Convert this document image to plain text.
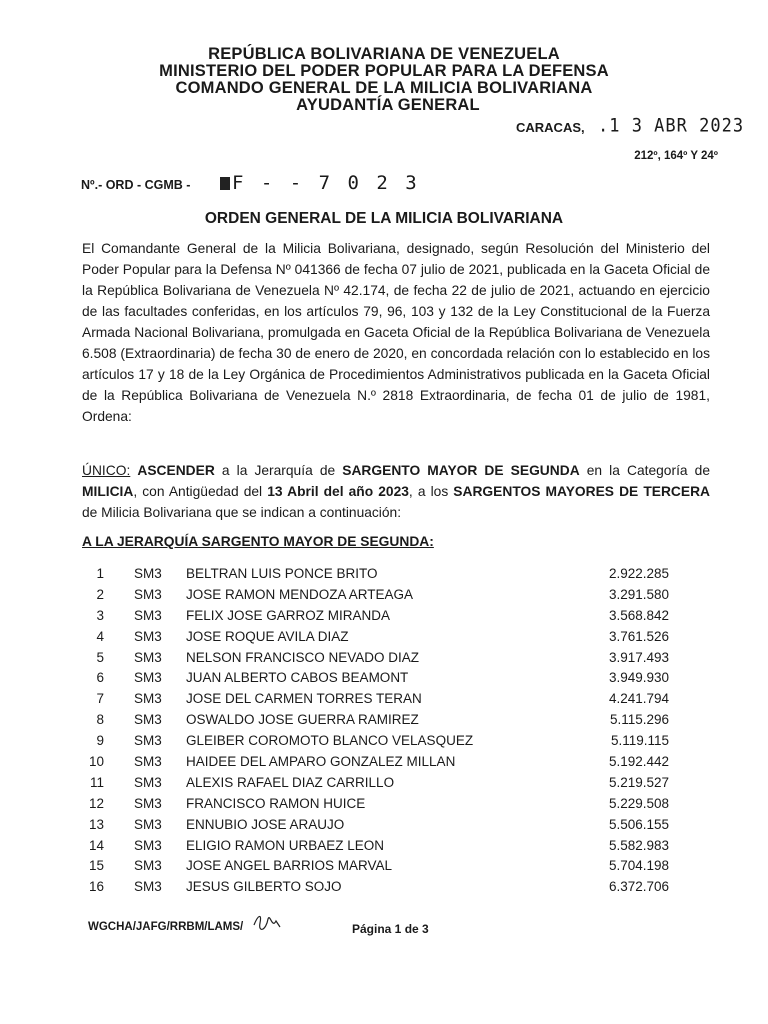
REPÚBLICA BOLIVARIANA DE VENEZUELA
MINISTERIO DEL PODER POPULAR PARA LA DEFENSA
COMANDO GENERAL DE LA MILICIA BOLIVARIANA
AYUDANTÍA GENERAL
CARACAS, .1 3 ABR 2023
212º, 164º Y 24º
Nº.- ORD - CGMB -	F - - 7 0 2 3
ORDEN GENERAL DE LA MILICIA BOLIVARIANA
El Comandante General de la Milicia Bolivariana, designado, según Resolución del Ministerio del Poder Popular para la Defensa Nº 041366 de fecha 07 julio de 2021, publicada en la Gaceta Oficial de la República Bolivariana de Venezuela Nº 42.174, de fecha 22 de julio de 2021, actuando en ejercicio de las facultades conferidas, en los artículos 79, 96, 103 y 132 de la Ley Constitucional de la Fuerza Armada Nacional Bolivariana, promulgada en Gaceta Oficial de la República Bolivariana de Venezuela 6.508 (Extraordinaria) de fecha 30 de enero de 2020, en concordada relación con lo establecido en los artículos 17 y 18 de la Ley Orgánica de Procedimientos Administrativos publicada en la Gaceta Oficial de la República Bolivariana de Venezuela N.º 2818 Extraordinaria, de fecha 01 de julio de 1981, Ordena:
ÚNICO: ASCENDER a la Jerarquía de SARGENTO MAYOR DE SEGUNDA en la Categoría de MILICIA, con Antigüedad del 13 Abril del año 2023, a los SARGENTOS MAYORES DE TERCERA de Milicia Bolivariana que se indican a continuación:
A LA JERARQUÍA SARGENTO MAYOR DE SEGUNDA:
1	SM3	BELTRAN LUIS PONCE BRITO	2.922.285
2	SM3	JOSE RAMON MENDOZA ARTEAGA	3.291.580
3	SM3	FELIX JOSE GARROZ MIRANDA	3.568.842
4	SM3	JOSE ROQUE AVILA DIAZ	3.761.526
5	SM3	NELSON FRANCISCO NEVADO DIAZ	3.917.493
6	SM3	JUAN ALBERTO CABOS BEAMONT	3.949.930
7	SM3	JOSE DEL CARMEN TORRES TERAN	4.241.794
8	SM3	OSWALDO JOSE GUERRA RAMIREZ	5.115.296
9	SM3	GLEIBER COROMOTO BLANCO VELASQUEZ	5.119.115
10	SM3	HAIDEE DEL AMPARO GONZALEZ MILLAN	5.192.442
11	SM3	ALEXIS RAFAEL DIAZ CARRILLO	5.219.527
12	SM3	FRANCISCO RAMON HUICE	5.229.508
13	SM3	ENNUBIO JOSE ARAUJO	5.506.155
14	SM3	ELIGIO RAMON URBAEZ LEON	5.582.983
15	SM3	JOSE ANGEL BARRIOS MARVAL	5.704.198
16	SM3	JESUS GILBERTO SOJO	6.372.706
WGCHA/JAFG/RRBM/LAMS/	Página 1 de 3
